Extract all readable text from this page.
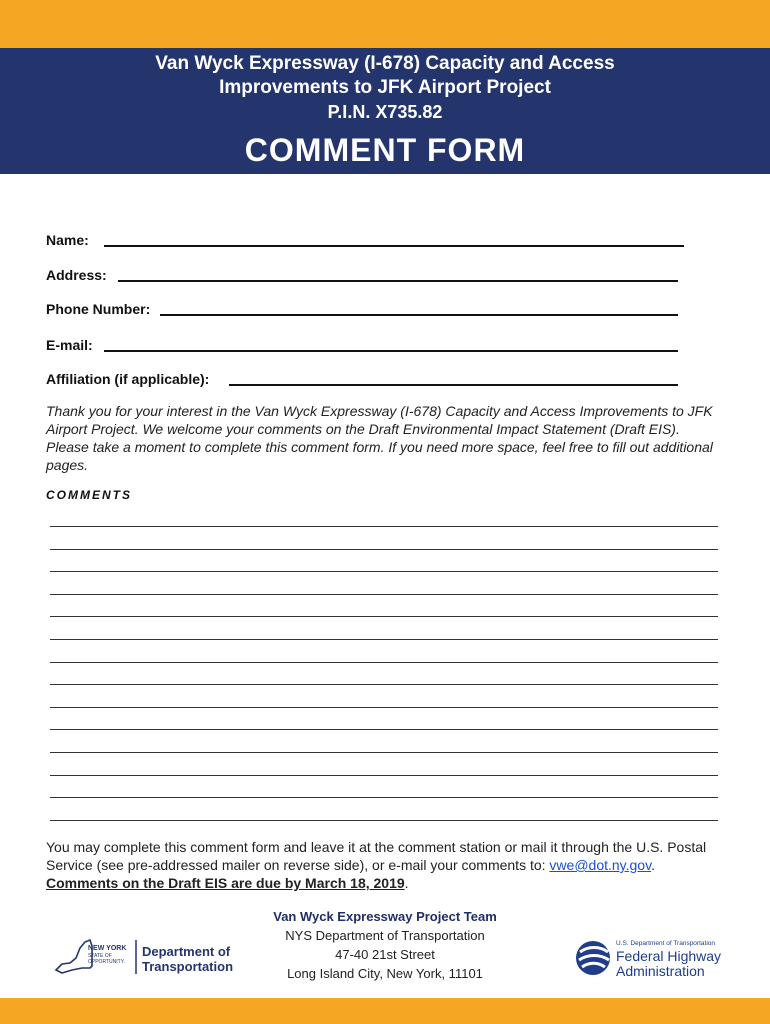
Van Wyck Expressway (I-678) Capacity and Access
Improvements to JFK Airport Project
P.I.N. X735.82
COMMENT FORM
Name:
Address:
Phone Number:
E-mail:
Affiliation (if applicable):
Thank you for your interest in the Van Wyck Expressway (I-678) Capacity and Access Improvements to JFK Airport Project. We welcome your comments on the Draft Environmental Impact Statement (Draft EIS). Please take a moment to complete this comment form. If you need more space, feel free to fill out additional pages.
COMMENTS
You may complete this comment form and leave it at the comment station or mail it through the U.S. Postal Service (see pre-addressed mailer on reverse side), or e-mail your comments to: vwe@dot.ny.gov. Comments on the Draft EIS are due by March 18, 2019.
Van Wyck Expressway Project Team
NYS Department of Transportation
47-40 21st Street
Long Island City, New York, 11101
NEW YORK
STATE OF
OPPORTUNITY.
Department of
Transportation
U.S. Department of Transportation
Federal Highway
Administration
